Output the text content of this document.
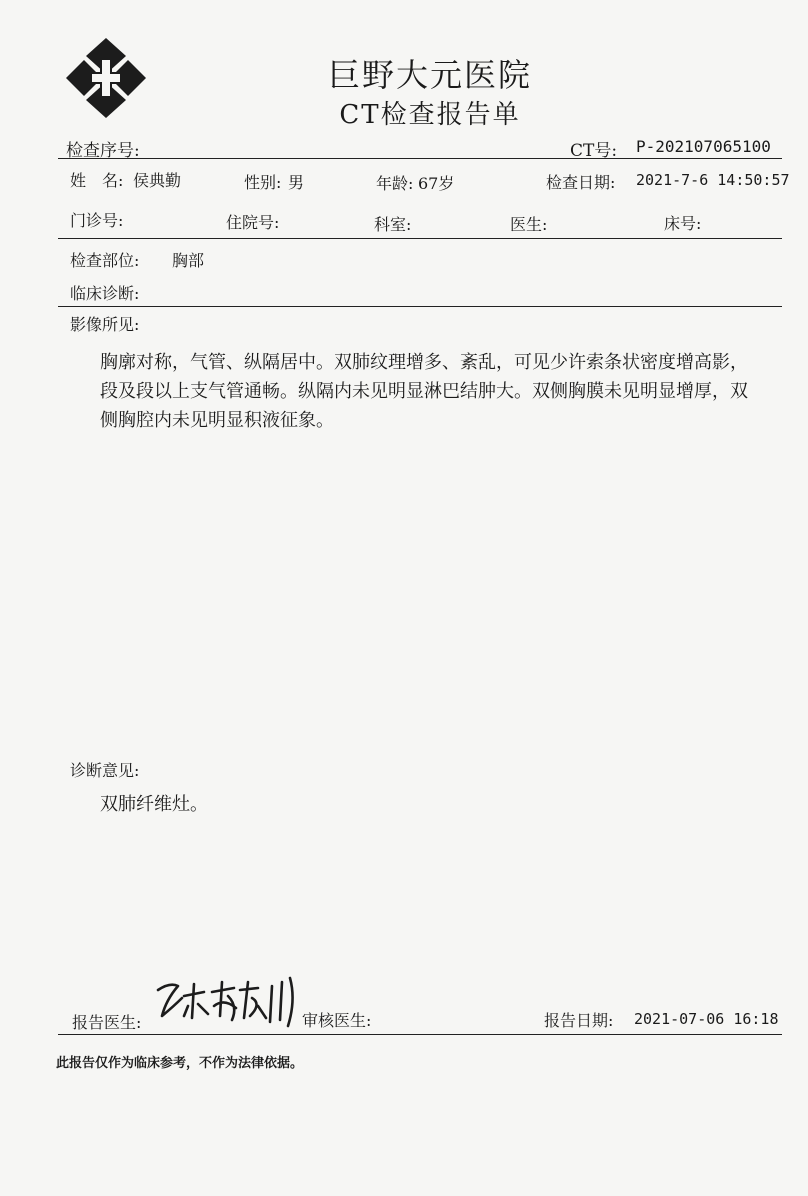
巨野大元医院
CT检查报告单
检查序号:	CT号: P-202107065100
姓　名: 侯典勤	性别: 男	年龄: 67岁	检查日期: 2021-7-6 14:50:57
门诊号:	住院号:	科室:	医生:	床号:
检查部位: 胸部
临床诊断:
影像所见:
胸廓对称，气管、纵隔居中。双肺纹理增多、紊乱，可见少许索条状密度增高影，段及段以上支气管通畅。纵隔内未见明显淋巴结肿大。双侧胸膜未见明显增厚，双侧胸腔内未见明显积液征象。
诊断意见:
双肺纤维灶。
报告医生:	审核医生:	报告日期: 2021-07-06 16:18
此报告仅作为临床参考，不作为法律依据。
